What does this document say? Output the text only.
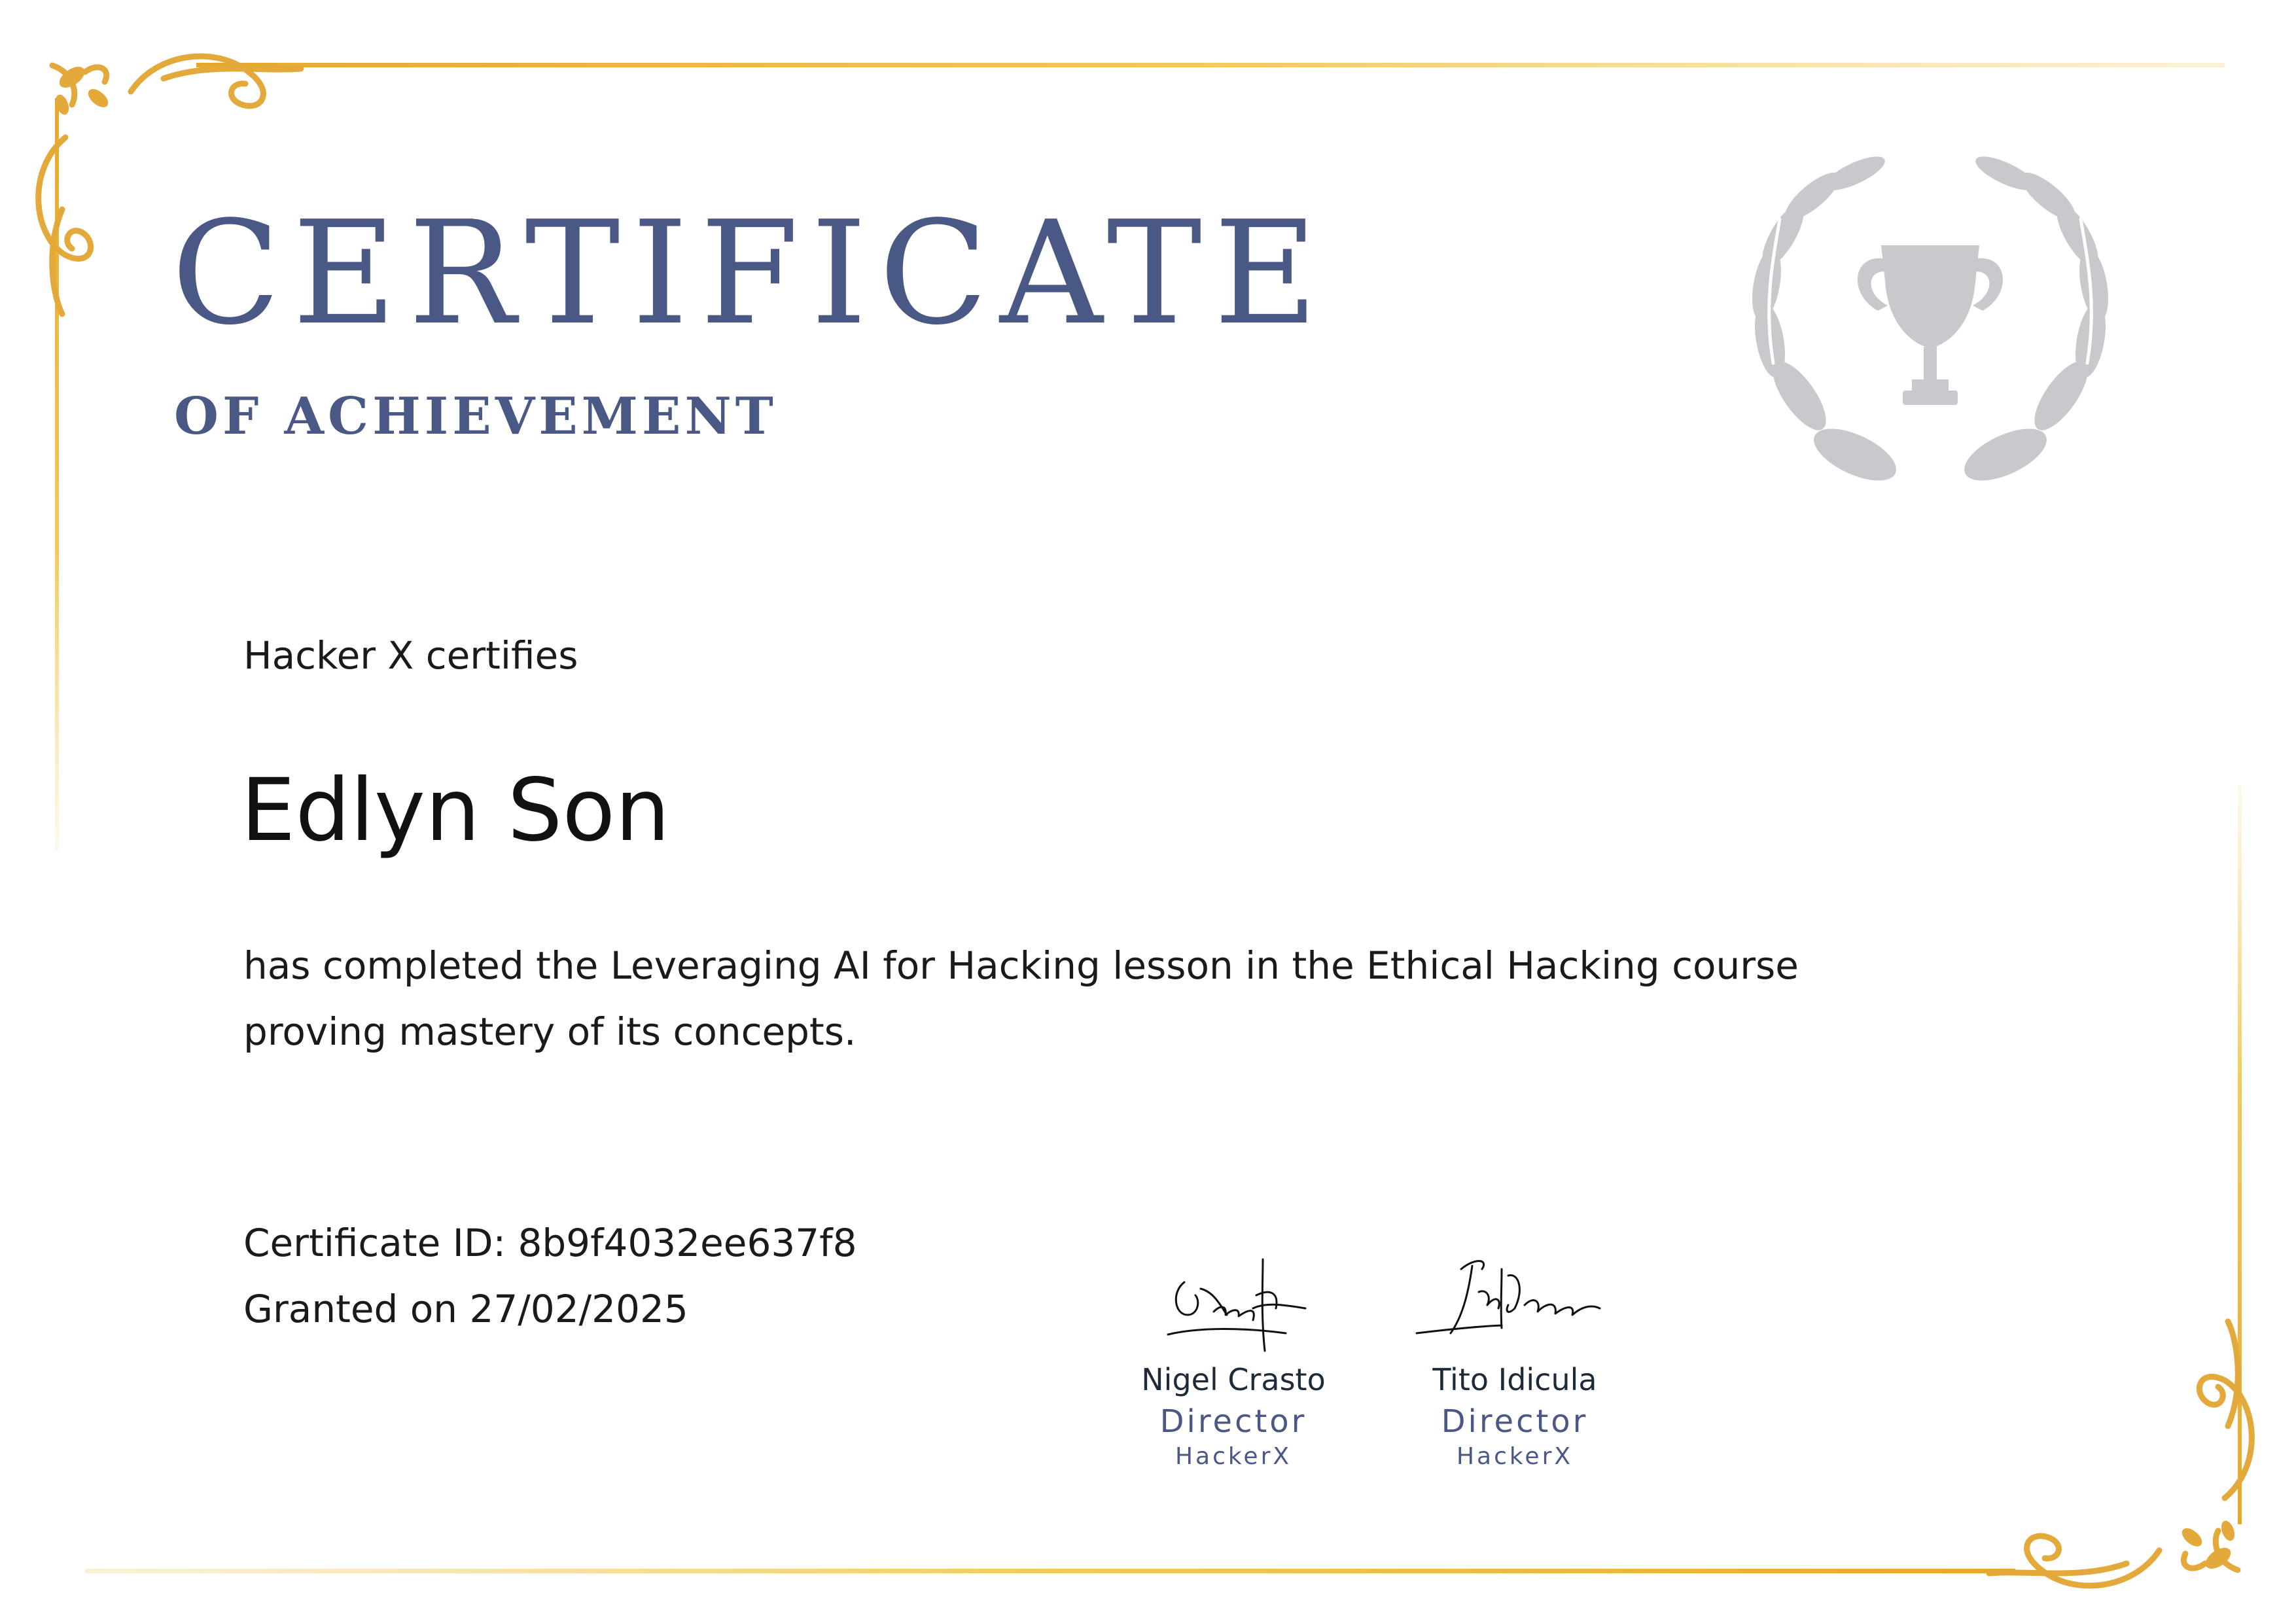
CERTIFICATE
OF ACHIEVEMENT
Hacker X certifies
Edlyn Son
has completed the Leveraging AI for Hacking lesson in the Ethical Hacking course
proving mastery of its concepts.
Certificate ID: 8b9f4032ee637f8
Granted on 27/02/2025
Nigel Crasto
Director
HackerX
Tito Idicula
Director
HackerX
